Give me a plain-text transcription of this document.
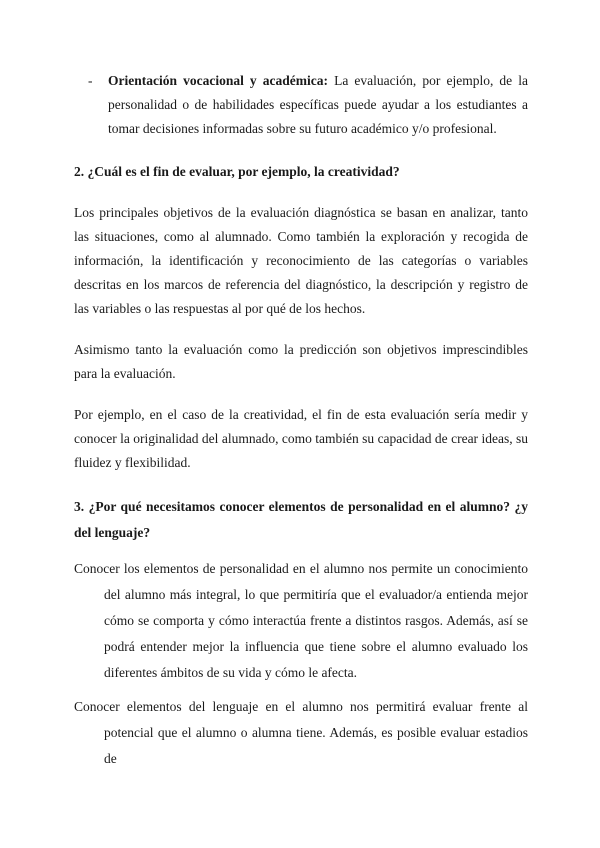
- Orientación vocacional y académica: La evaluación, por ejemplo, de la personalidad o de habilidades específicas puede ayudar a los estudiantes a tomar decisiones informadas sobre su futuro académico y/o profesional.
2. ¿Cuál es el fin de evaluar, por ejemplo, la creatividad?
Los principales objetivos de la evaluación diagnóstica se basan en analizar, tanto las situaciones, como al alumnado. Como también la exploración y recogida de información, la identificación y reconocimiento de las categorías o variables descritas en los marcos de referencia del diagnóstico, la descripción y registro de las variables o las respuestas al por qué de los hechos.
Asimismo tanto la evaluación como la predicción son objetivos imprescindibles para la evaluación.
Por ejemplo, en el caso de la creatividad, el fin de esta evaluación sería medir y conocer la originalidad del alumnado, como también su capacidad de crear ideas, su fluidez y flexibilidad.
3. ¿Por qué necesitamos conocer elementos de personalidad en el alumno? ¿y del lenguaje?
Conocer los elementos de personalidad en el alumno nos permite un conocimiento del alumno más integral, lo que permitiría que el evaluador/a entienda mejor cómo se comporta y cómo interactúa frente a distintos rasgos. Además, así se podrá entender mejor la influencia que tiene sobre el alumno evaluado los diferentes ámbitos de su vida y cómo le afecta.
Conocer elementos del lenguaje en el alumno nos permitirá evaluar frente al potencial que el alumno o alumna tiene. Además, es posible evaluar estadios de
